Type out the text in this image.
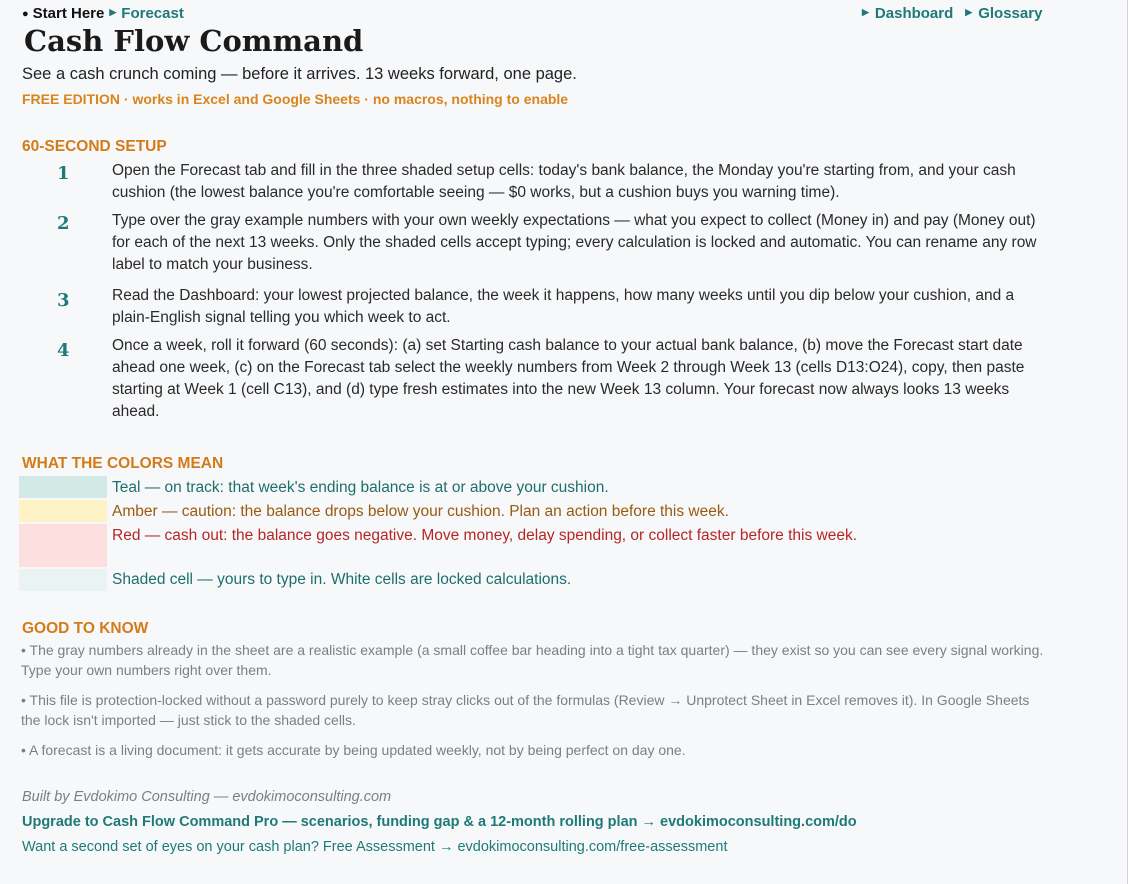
● Start Here ▶ Forecast	▶ Dashboard ▶ Glossary
Cash Flow Command
See a cash crunch coming — before it arrives. 13 weeks forward, one page.
FREE EDITION · works in Excel and Google Sheets · no macros, nothing to enable
60-SECOND SETUP
1	Open the Forecast tab and fill in the three shaded setup cells: today's bank balance, the Monday you're starting from, and your cash cushion (the lowest balance you're comfortable seeing — $0 works, but a cushion buys you warning time).
2	Type over the gray example numbers with your own weekly expectations — what you expect to collect (Money in) and pay (Money out) for each of the next 13 weeks. Only the shaded cells accept typing; every calculation is locked and automatic. You can rename any row label to match your business.
3	Read the Dashboard: your lowest projected balance, the week it happens, how many weeks until you dip below your cushion, and a plain-English signal telling you which week to act.
4	Once a week, roll it forward (60 seconds): (a) set Starting cash balance to your actual bank balance, (b) move the Forecast start date ahead one week, (c) on the Forecast tab select the weekly numbers from Week 2 through Week 13 (cells D13:O24), copy, then paste starting at Week 1 (cell C13), and (d) type fresh estimates into the new Week 13 column. Your forecast now always looks 13 weeks ahead.
WHAT THE COLORS MEAN
Teal — on track: that week's ending balance is at or above your cushion.
Amber — caution: the balance drops below your cushion. Plan an action before this week.
Red — cash out: the balance goes negative. Move money, delay spending, or collect faster before this week.
Shaded cell — yours to type in. White cells are locked calculations.
GOOD TO KNOW
• The gray numbers already in the sheet are a realistic example (a small coffee bar heading into a tight tax quarter) — they exist so you can see every signal working. Type your own numbers right over them.
• This file is protection-locked without a password purely to keep stray clicks out of the formulas (Review → Unprotect Sheet in Excel removes it). In Google Sheets the lock isn't imported — just stick to the shaded cells.
• A forecast is a living document: it gets accurate by being updated weekly, not by being perfect on day one.
Built by Evdokimo Consulting — evdokimoconsulting.com
Upgrade to Cash Flow Command Pro — scenarios, funding gap & a 12-month rolling plan → evdokimoconsulting.com/do
Want a second set of eyes on your cash plan? Free Assessment → evdokimoconsulting.com/free-assessment
